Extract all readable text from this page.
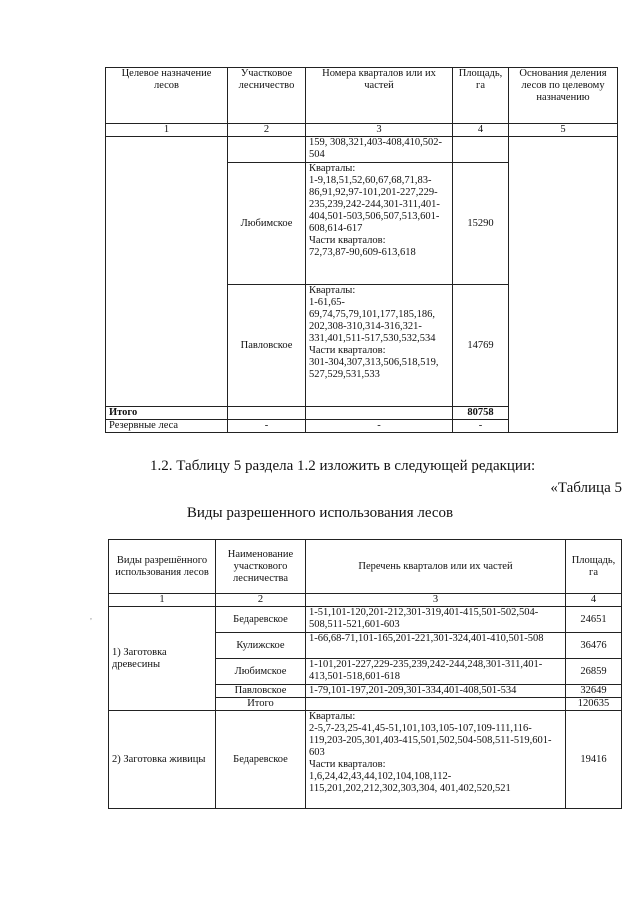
Целевое назначение лесов	Участковое лесничество	Номера кварталов или их частей	Площадь, га	Основания деления лесов по целевому назначению
1	2	3	4	5
		159, 308,321,403-408,410,502-504		
	Любимское	Кварталы:
1-9,18,51,52,60,67,68,71,83-86,91,92,97-101,201-227,229-235,239,242-244,301-311,401-404,501-503,506,507,513,601-608,614-617
Части кварталов:
72,73,87-90,609-613,618	15290	
	Павловское	Кварталы:
1-61,65-69,74,75,79,101,177,185,186, 202,308-310,314-316,321-331,401,511-517,530,532,534
Части кварталов:
301-304,307,313,506,518,519, 527,529,531,533	14769	

Итого			80758	
Резервные леса	-	-	-	
1.2. Таблицу 5 раздела 1.2 изложить в следующей редакции:
«Таблица 5
Виды разрешенного использования лесов
Виды разрешённого использования лесов	Наименование участкового лесничества	Перечень кварталов или их частей	Площадь, га
1	2	3	4
1) Заготовка древесины	Бедаревское	1-51,101-120,201-212,301-319,401-415,501-502,504-508,511-521,601-603	24651
	Кулижское	1-66,68-71,101-165,201-221,301-324,401-410,501-508	36476
	Любимское	1-101,201-227,229-235,239,242-244,248,301-311,401-413,501-518,601-618	26859
	Павловское	1-79,101-197,201-209,301-334,401-408,501-534	32649
	Итого		120635
2) Заготовка живицы	Бедаревское	Кварталы:
2-5,7-23,25-41,45-51,101,103,105-107,109-111,116-119,203-205,301,403-415,501,502,504-508,511-519,601-603
Части кварталов:
1,6,24,42,43,44,102,104,108,112-115,201,202,212,302,303,304, 401,402,520,521	19416
,
